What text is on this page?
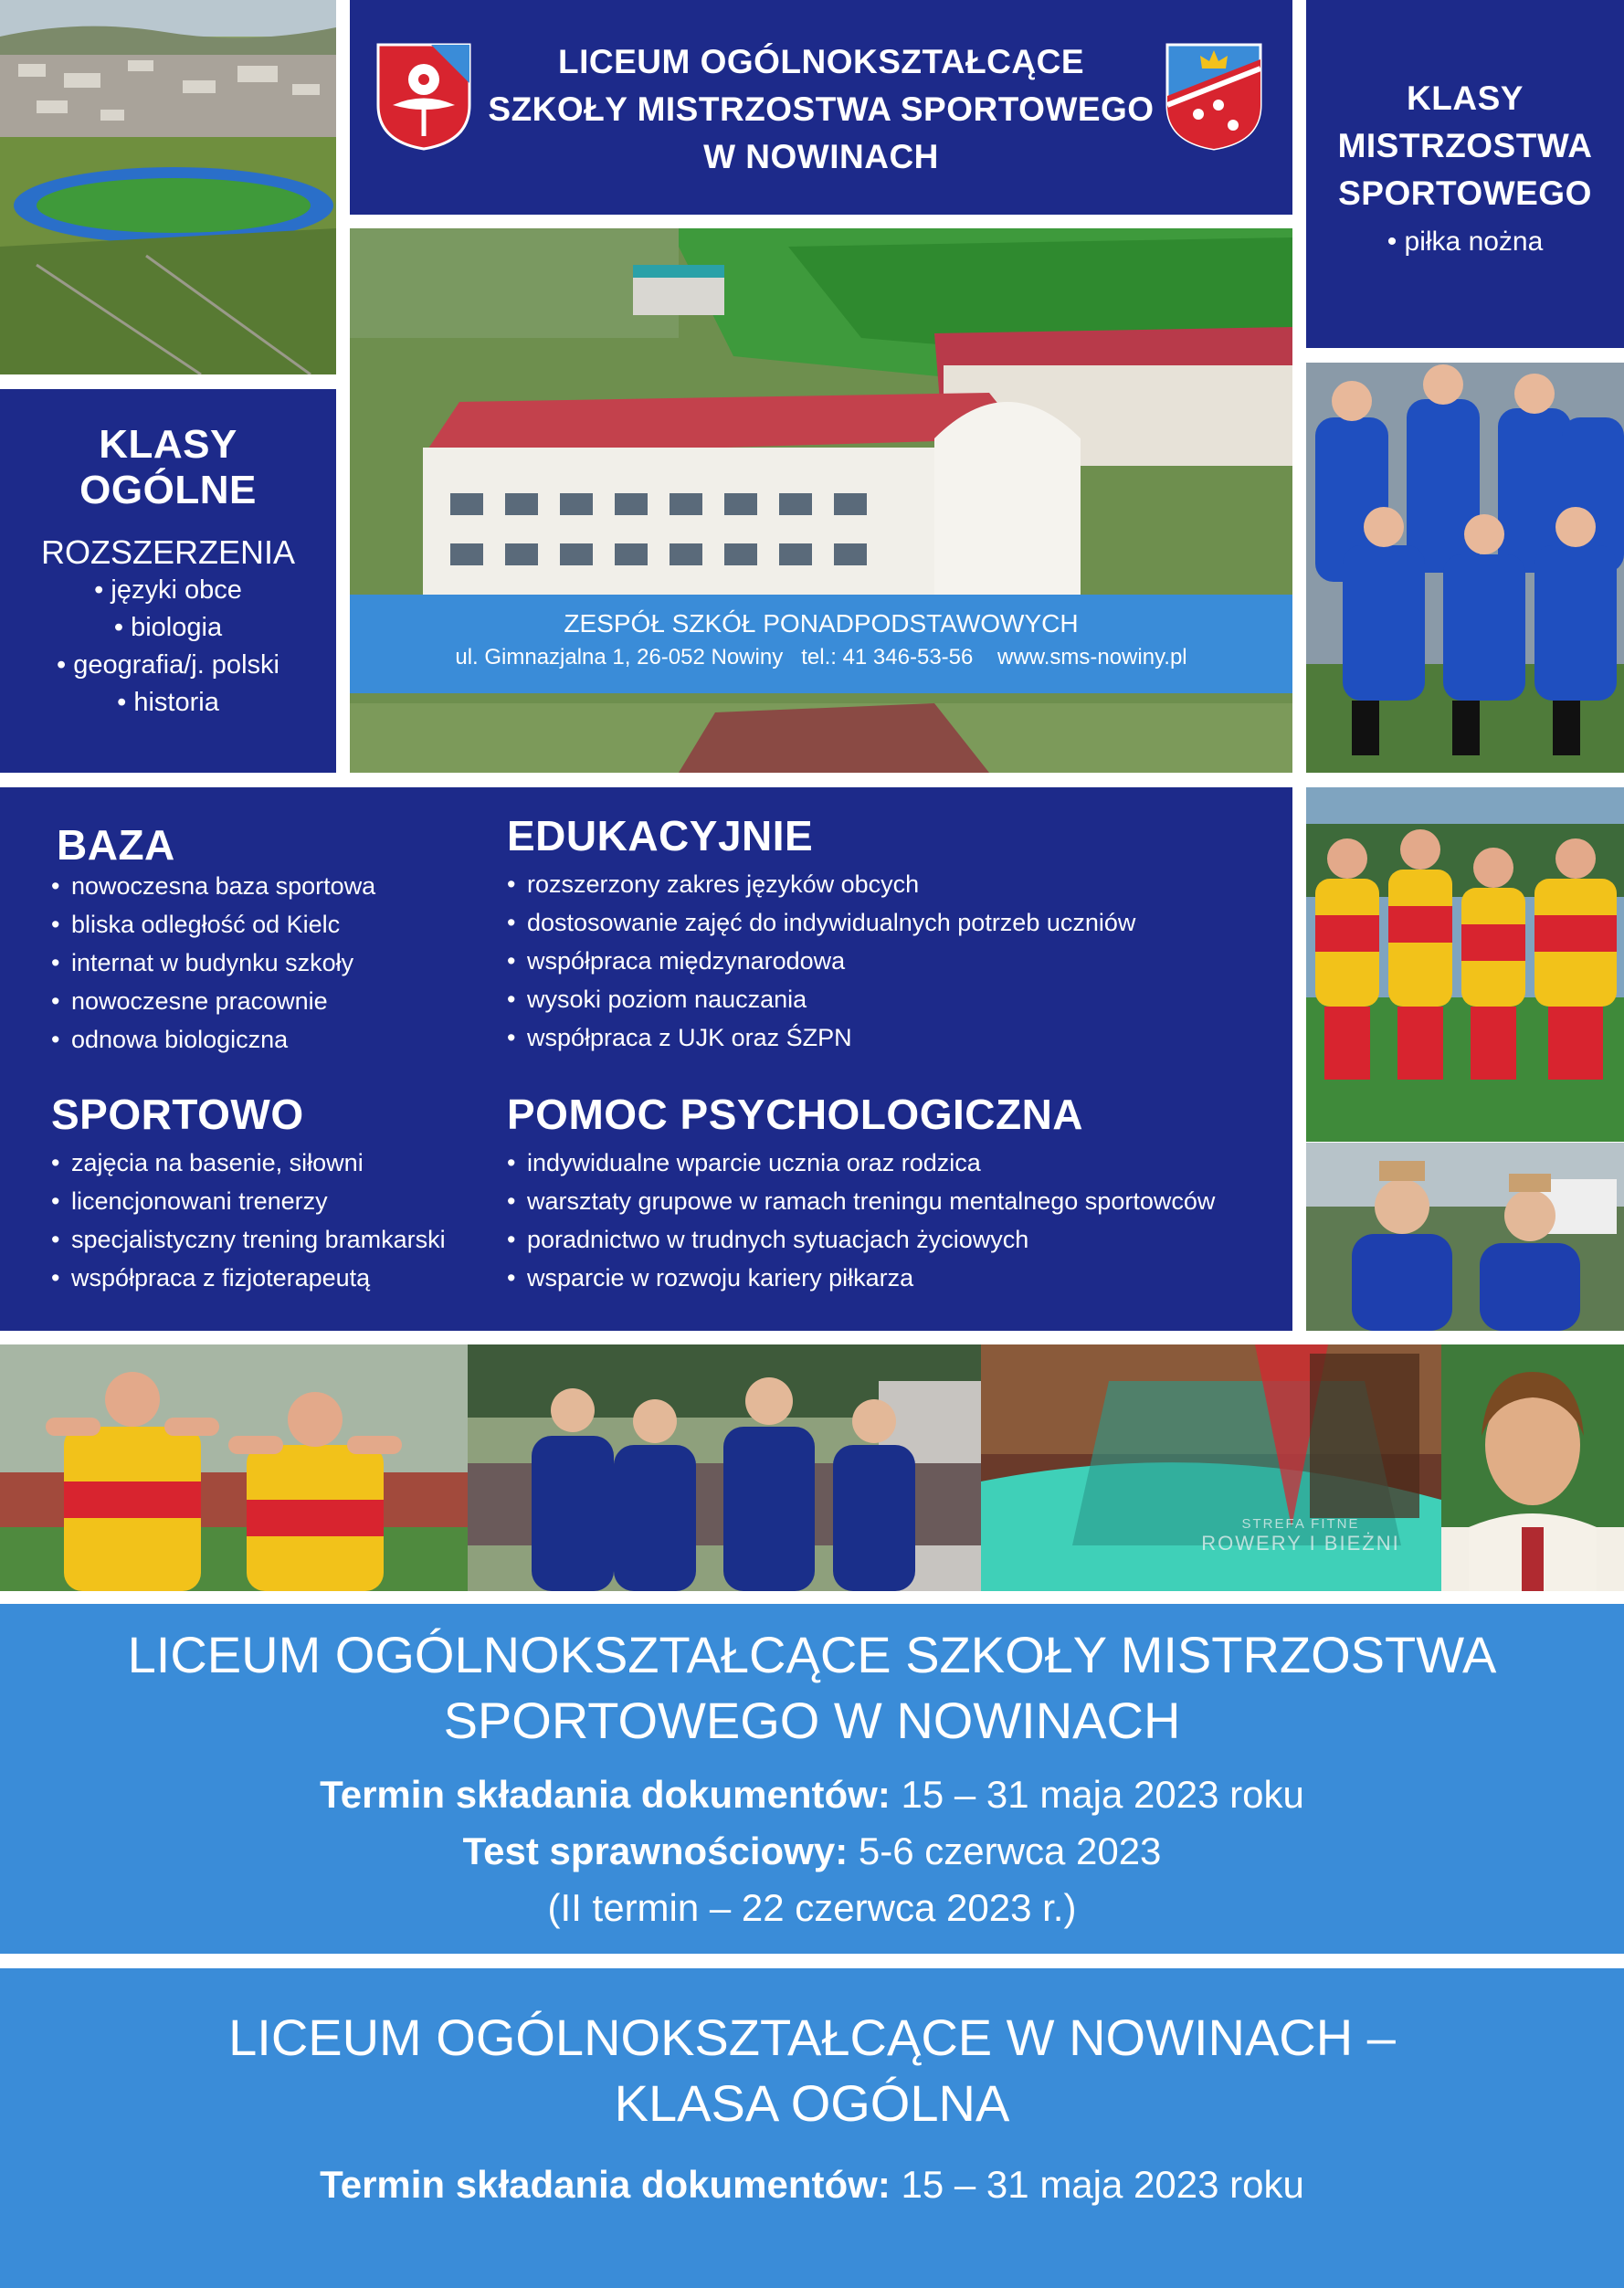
LICEUM OGÓLNOKSZTAŁCĄCE
SZKOŁY MISTRZOSTWA SPORTOWEGO
W NOWINACH
KLASY
MISTRZOSTWA
SPORTOWEGO
• piłka nożna
ZESPÓŁ SZKÓŁ PONADPODSTAWOWYCH
ul. Gimnazjalna 1, 26-052 Nowiny tel.: 41 346-53-56 www.sms-nowiny.pl
KLASY
OGÓLNE
ROZSZERZENIA
• języki obce
• biologia
• geografia/j. polski
• historia
BAZA
• nowoczesna baza sportowa
• bliska odległość od Kielc
• internat w budynku szkoły
• nowoczesne pracownie
• odnowa biologiczna
EDUKACYJNIE
• rozszerzony zakres języków obcych
• dostosowanie zajęć do indywidualnych potrzeb uczniów
• współpraca międzynarodowa
• wysoki poziom nauczania
• współpraca z UJK oraz ŚZPN
SPORTOWO
• zajęcia na basenie, siłowni
• licencjonowani trenerzy
• specjalistyczny trening bramkarski
• współpraca z fizjoterapeutą
POMOC PSYCHOLOGICZNA
• indywidualne wparcie ucznia oraz rodzica
• warsztaty grupowe w ramach treningu mentalnego sportowców
• poradnictwo w trudnych sytuacjach życiowych
• wsparcie w rozwoju kariery piłkarza
STREFA FITNE
ROWERY I BIEŻNI
LICEUM OGÓLNOKSZTAŁCĄCE SZKOŁY MISTRZOSTWA
SPORTOWEGO W NOWINACH
Termin składania dokumentów: 15 – 31 maja 2023 roku
Test sprawnościowy: 5-6 czerwca 2023
(II termin – 22 czerwca 2023 r.)
LICEUM OGÓLNOKSZTAŁCĄCE W NOWINACH –
KLASA OGÓLNA
Termin składania dokumentów: 15 – 31 maja 2023 roku
